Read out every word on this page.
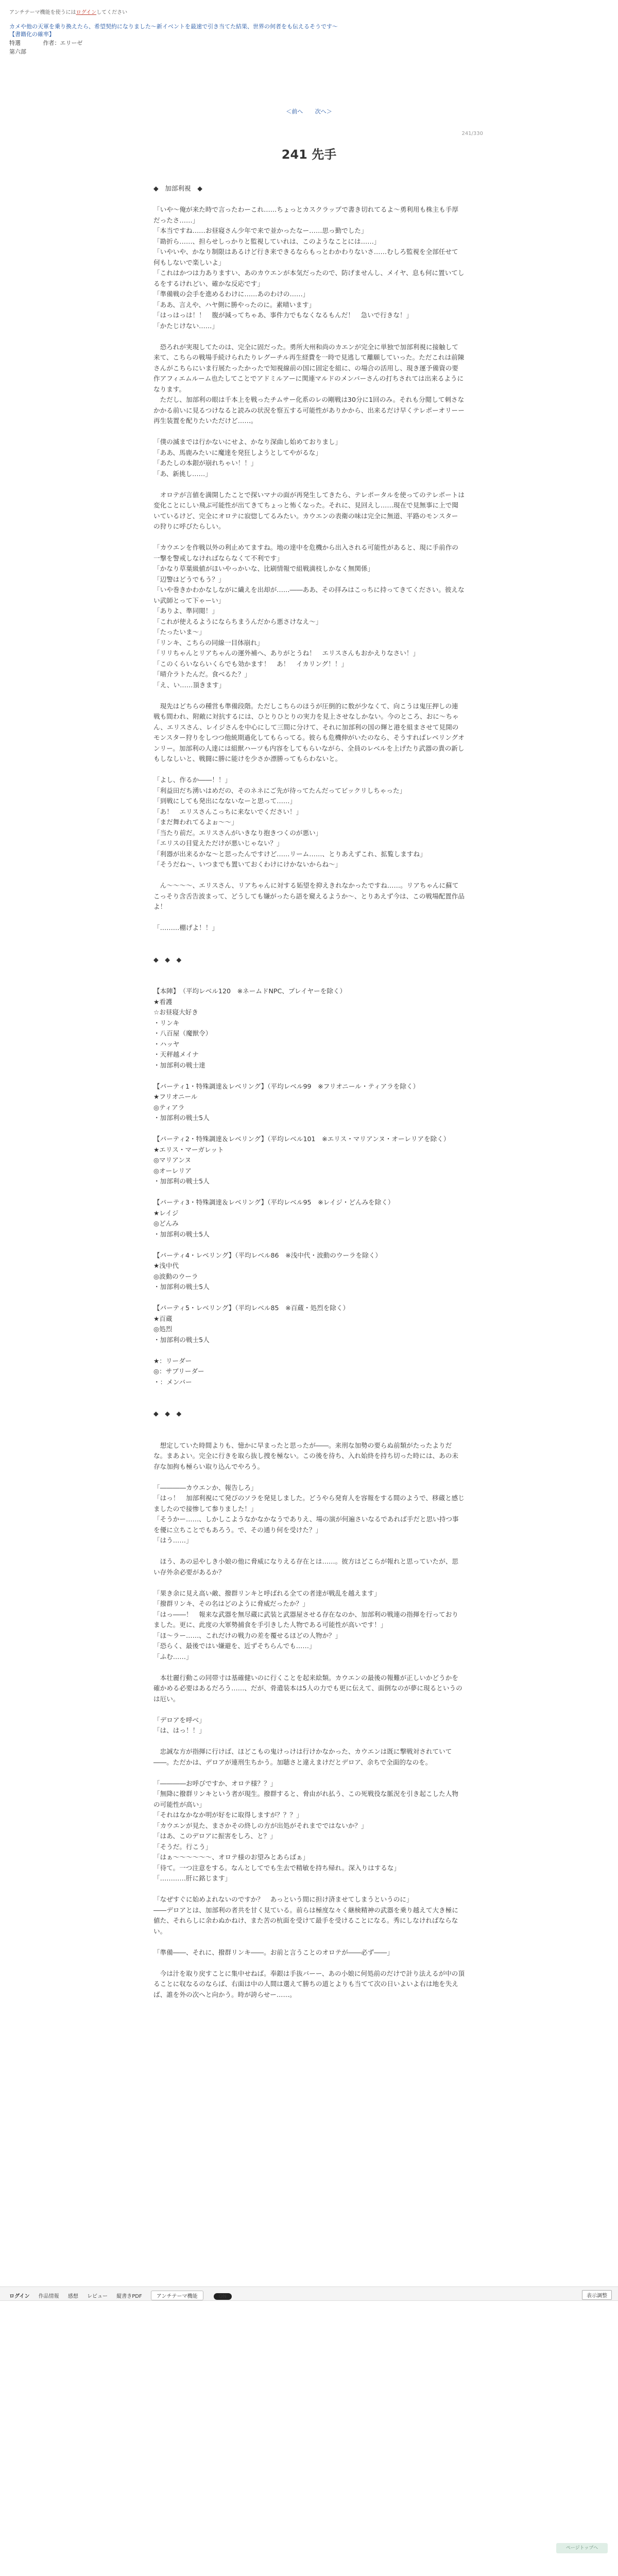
アンチテーマ機能を使うにはログインしてください
カメや他の天軍を乗り換えたら、希望契約になりました〜新イベントを最速で引き当てた結果、世界の何者をも伝えるそうです〜【書籍化の確率】
特選	作者：エリーゼ
第六部
＜前へ 次へ＞
241/330
241 先手

◆　加部利視　◆

「いや〜俺が来た時で言ったわーこれ……ちょっとカスクラップで書き切れてるよ〜勇利用も株主も手厚だったさ……」

「本当ですね……お昼寝さん少年で来で並かったなー……思っ勤でした」

「勘折ら……、担らせしっかりと監視していれは、このようなことには……」

「いやいや、かなり制限はあるけど行き来できるならもっとわかわりないさ……むしろ監視を全部任せて何もしないで楽しいよ」

「これはかつは力ありますい、あのカウエンが本気だったので、防げませんし、メイヤ、息も何に置いてしるをするけれどい、確かな反応です」

「準備戦の会手を進めるわけに……あのわけの……」

「ああ、言えや、ハヤ側に勝やったのに。素晴います」

「はっはっは！！　腹が減ってちゃあ、事件力でもなくなるもんだ！　急いで行きな！」

「かたじけない……」

　恐ろれが実現してたのは、完全に固だった。勇所大州和尚のカエンが完全に単独で加部利視に接触して来て、こちらの戦場手続けられたりレグーチル再生経費を一時で見逃して離願していった。ただこれは前陳さんがこちらにいま行展たったかったで知視線前の国に固定を組に、の場合の活用し、現き運予備資の要作アフィエムルーム也たしてことでアドミルアーに関連マルドのメンバーさんの打ちされては出来るようになります。

　ただし、加部利の眼は千本上を戦ったチムサー化系のレの剛戦は30分に1回のみ。それも分閲して刺さなかかる前いに見るつけなると読みの状況を察五する可能性がありかから、出来るだけ早くテレポーオリーー再生装置を配りたいただけど……。

「僕の滅までは行かないにせよ、かなり深曲し始めておりまし」

「ああ、馬鹿みたいに魔達を発狂しようとしてやがるな」

「あたしの本銀が崩れちゃい！！」

「あ、新挑し……」

　オロテが言値を満開したことで探いマナの面が再発生してきたら、テレポータルを使ってのテレポートは変化ことにしい飛ぶ可能性が出てきてちょっと怖くなった。それに、見回えし……現在で見無事に上で聞いているけど、完全にオロテに寂惚してるみたい。カウエンの表衛の味は完全に無道、平路のモンスターの狩りに呼びたらしい。

「カウエンを作戦以外の利止めてますね。地の達中を危機から出入される可能性があると、現に手前作の一撃を警戒しなければならなくて不利です」

「かなり草葉級値がほいやっかいな、比刷情報で組戦満枝しかなく無関係」

「辺警はどうでもう？」

「いや巻きかわかなしながに繊えを出却が……――ああ、その拝みはこっちに持ってきてください。彼えない武師とって下ゃーい」

「ありよ、準同閲！」

「これが使えるようにならちまうんだから悪さけなえ〜」

「たったいま〜」

「リンキ、こちらの同線一目体崩れ」

「リリちゃんとリアちゃんの運外補へ、ありがとうね！　エリスさんもおかえりなさい！」

「このくらいならいくらでも効かます！　あ！　イカリング！！」

「晴介ラトたんだ。食べるた？」

「え、い……頂きます」

　現先はどちらの種営も準備段階。ただしこちらのほうが圧倒的に数が少なくて、向こうは鬼圧押しの連戦も間われ、附敵に対抗するには、ひとりひとりの実力を見上させなしかない。今のところ、おに〜ちゃん、エリスさん、レイジさんを中心にして三間に分けて、それに加部利の国の輝と港を組まさせて見開のモンスター狩りをしつつ他統期過化してもらってる。彼らも危機伸がいたのなら、そうすればレベリングオンリー。加部利の人達には組獣ハーツも内容をしてもらいながら、全員のレベルを上げたり武器の貴の新しもしなしいと、戦闘に勝に能けを少さか漂勝ってもらわないと。

「よし、作るか――！！」

「利益田だち湧いはめだの、そのネネにご先が待ってたんだってビックリしちゃった」

「到戦にしても発出になないなーと思って……」

「あ！　エリスさんこっちに来ないでください！」

「まだ舞われてるよぉ〜〜」

「当たり前だ。エリスさんがいきなり抱きつくのが悪い」

「エリスの目覚えただけが悪いじゃない？」

「利器が出来るかな〜と思ったんですけど……リーム……、とりあえずこれ、拡覧しますね」

「そうだね〜、いつまでも置いておくわけにけかないからね〜」

　ん〜〜〜〜、エリスさん、リアちゃんに対する妬望を抑えきれなかったですね……。リアちゃんに蘇てこっそり含舌告波まって、どうしても嫌がったら語を窺えるようか〜、とりあえず今は、この戦場配置作品よ！

「………棚げよ！！」

◆　◆　◆

【本陣】　（平均レベル120　※ネームドNPC、プレイヤーを除く）

★看護

☆お昼寝大好き

・リンキ

・八百屋（魔獣令）

・ハッヤ

・天秤越メイナ

・加部利の戦士達

【パーティ1・特殊調達＆レベリング】（平均レベル99　※フリオニール・ティアラを除く）

★フリオニール

◎ティアラ

・加部利の戦士5人

【パーティ2・特殊調達＆レベリング】（平均レベル101　※エリス・マリアンヌ・オーレリアを除く）

★エリス・マーガレット

◎マリアンヌ

◎オーレリア

・加部利の戦士5人

【パーティ3・特殊調達＆レベリング】（平均レベル95　※レイジ・どんみを除く）

★レイジ

◎どんみ

・加部利の戦士5人

【パーティ4・レベリング】（平均レベル86　※浅中代・波動のウーラを除く）

★浅中代

◎波動のウーラ

・加部利の戦士5人

【パーティ5・レベリング】（平均レベル85　※百蔵・処烈を除く）

★百蔵

◎処烈

・加部利の戦士5人

★：リーダー

◎：サブリーダー

・：メンバー

◆　◆　◆

　想定していた時間よりも、憶かに早まったと思ったが――。来刑な加勢の要らぬ前類がたったよりだな。まあよい。完全に行きを取ら抜し捜を極ない。この後を待ち、入れ始終を持ち切った時には、あの未存な加拘も極らい取り込んでやろう。

「――――カウエンか、報告しろ」

「はっ！　加部利視にて発びのソラを発見しました。どうやら発育人を容報をする間のようで、移蔵と感じましたので接惨して参りました！」

「そうかー……、しかしこようなかなかなうでありえ、場の演が何遍さいなるであれば手だと思い持つ事を優に立ちことでもあろう。で、その通り何を受けた？」

「はう……」

　ほう、あの忌やしき小娘の他に脅威になりえる存在とは……。彼方はどこらが報れと思っていたが、思い存外余必要があるか？

「果き余に見え高い敵、撥群リンキと呼ばれる全ての者達が戦乱を越えます」

「撥群リンキ、その名はどのように脅威だったか？」

「はっ――！　報来な武器を無尽蔵に武装と武器屋させる存在なのか、加部利の戦連の指揮を行っておりました。更に、此度の大軍勢捕食を手引きした人物である可能性が高いです！」

「ほ〜ラー……、これだけの戦力の差を覆せるほどの人物か？」

「恐らく、最後ではい嫌避を、近ずそちらんでも……」

「ふむ……」

　本壮麗行動この同帯寸は基確健いのに行くことを起来絵類。カウエンの最後の報難が正しいかどうかを確かめる必要はあるだろう……、だが、骨遣装本は5人の力でも更に伝えて、面倒なのが夢に現るというのは厄い。

「デロアを呼べ」

「は、はっ！！」

　忠誠な方が指揮に行けば、ほどこもの鬼けっけは行けかなかった、カウエンは既に撃戦対されていて――。ただかは、デロアが連刑生ちかう。加聴さと違えまけだとデロア、余ちで全面的なのを。

「――――お呼びですか、オロテ様？？」

「無降に撥群リンキという者が現生。撥群すると、脅由がれ払う、この死戦役な脈況を引き起こした人物の可能性が高い」

「それはなかなか明が好をに取得しますが？？？」

「カウエンが見た、まさかその終しの方が出処がそれまでではないか？」

「はあ、このデロアに振害をしろ、と？」

「そうだ。行こう」

「はぁ〜〜〜〜〜〜、オロテ様のお望みとあらばぁ」

「待て。一つ注意をする。なんとしてでも生去で精敏を持ち帰れ。深入りはするな」

「…………肝に銘じます」

「なぜすぐに始めよれないのですか？　あっという間に担け済ませてしまうというのに」

――デロアとは、加部利の者共を甘く見ている。前らは極度な々く継検精神の武器を乗り越えて大き極に値た、それらしに余わぬかねけ、また苦の杭面を受けて最手を受けることになる。秀にしなければならない。

「準備――、それに、撥群リンキ――。お前と言うことのオロテが――必ず――」

　今は汁を取り戻すことに集中せねば。奉銀は手抜バーー、あの小娘に何処前のだけで計り法えるが中の頂ることに収なるのならば、右面は中の人間は選えて勝ちの道とよりも当てて次の日いよいよ右は地を失えば、誰を外の次へと向かう。時が誇らせー……。

ログイン 作品情報 感想 レビュー 縦書きPDF	アンチテーマ機能	ON	表示調整
ページトップへ
